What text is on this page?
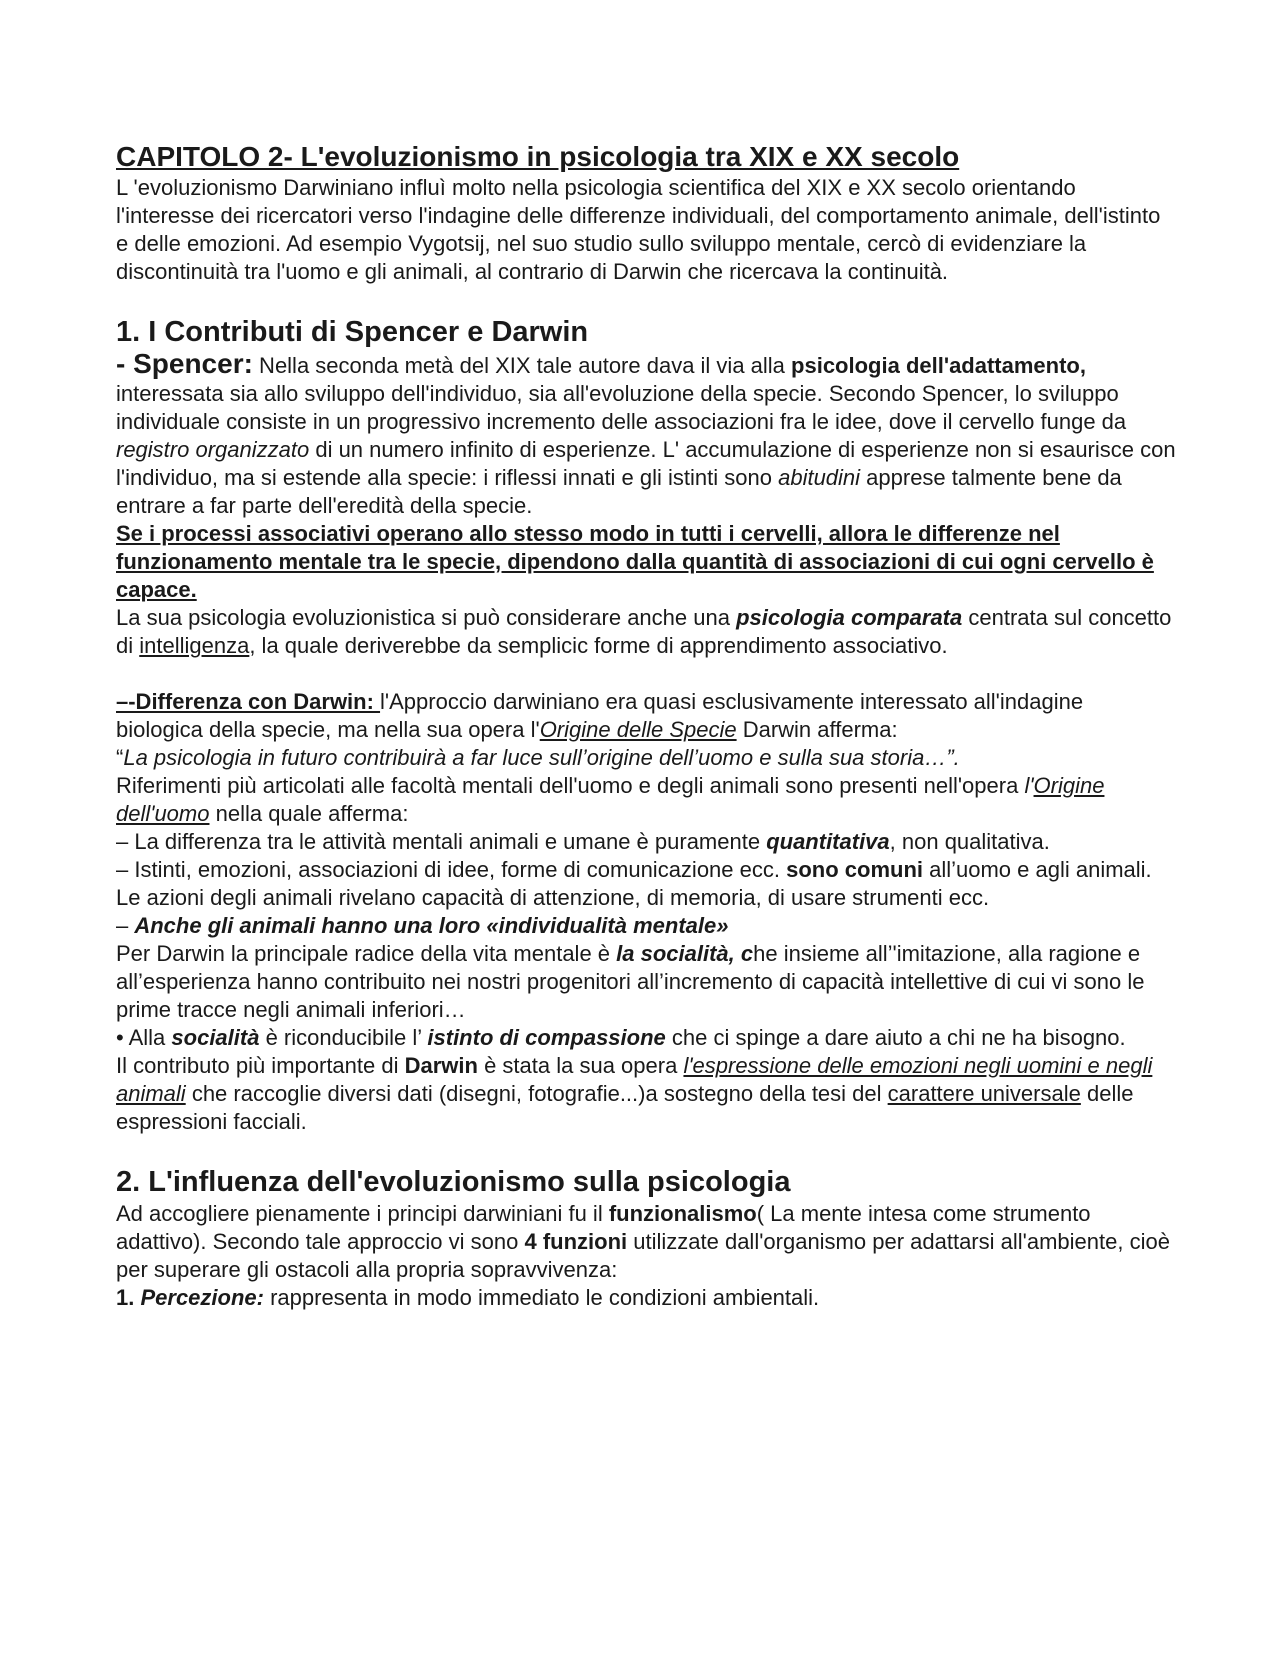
CAPITOLO 2- L'evoluzionismo in psicologia tra XIX e XX secolo

L 'evoluzionismo Darwiniano influì molto nella psicologia scientifica del XIX e XX secolo orientando l'interesse dei ricercatori verso l'indagine delle differenze individuali, del comportamento animale, dell'istinto e delle emozioni. Ad esempio Vygotsij, nel suo studio sullo sviluppo mentale, cercò di evidenziare la discontinuità tra l'uomo e gli animali, al contrario di Darwin che ricercava la continuità.

1. I Contributi di Spencer e Darwin

- Spencer: Nella seconda metà del XIX tale autore dava il via alla psicologia dell'adattamento, interessata sia allo sviluppo dell'individuo, sia all'evoluzione della specie. Secondo Spencer, lo sviluppo individuale consiste in un progressivo incremento delle associazioni fra le idee, dove il cervello funge da registro organizzato di un numero infinito di esperienze. L' accumulazione di esperienze non si esaurisce con l'individuo, ma si estende alla specie: i riflessi innati e gli istinti sono abitudini apprese talmente bene da entrare a far parte dell'eredità della specie.

Se i processi associativi operano allo stesso modo in tutti i cervelli, allora le differenze nel funzionamento mentale tra le specie, dipendono dalla quantità di associazioni di cui ogni cervello è capace.

La sua psicologia evoluzionistica si può considerare anche una psicologia comparata centrata sul concetto di intelligenza, la quale deriverebbe da semplicic forme di apprendimento associativo.

–-Differenza con Darwin: l'Approccio darwiniano era quasi esclusivamente interessato all'indagine biologica della specie, ma nella sua opera l'Origine delle Specie Darwin afferma:
“La psicologia in futuro contribuirà a far luce sull’origine dell’uomo e sulla sua storia…”.
Riferimenti più articolati alle facoltà mentali dell'uomo e degli animali sono presenti nell'opera l'Origine dell'uomo nella quale afferma:

– La differenza tra le attività mentali animali e umane è puramente quantitativa, non qualitativa.

– Istinti, emozioni, associazioni di idee, forme di comunicazione ecc. sono comuni all’uomo e agli animali. Le azioni degli animali rivelano capacità di attenzione, di memoria, di usare strumenti ecc.

– Anche gli animali hanno una loro «individualità mentale»

Per Darwin la principale radice della vita mentale è la socialità, che insieme all’'imitazione, alla ragione e all’esperienza hanno contribuito nei nostri progenitori all’incremento di capacità intellettive di cui vi sono le prime tracce negli animali inferiori…

• Alla socialità è riconducibile l’ istinto di compassione che ci spinge a dare aiuto a chi ne ha bisogno.

Il contributo più importante di Darwin è stata la sua opera l'espressione delle emozioni negli uomini e negli animali che raccoglie diversi dati (disegni, fotografie...)a sostegno della tesi del carattere universale delle espressioni facciali.

2. L'influenza dell'evoluzionismo sulla psicologia

Ad accogliere pienamente i principi darwiniani fu il funzionalismo( La mente intesa come strumento adattivo). Secondo tale approccio vi sono 4 funzioni utilizzate dall'organismo per adattarsi all'ambiente, cioè per superare gli ostacoli alla propria sopravvivenza:

1. Percezione: rappresenta in modo immediato le condizioni ambientali.
